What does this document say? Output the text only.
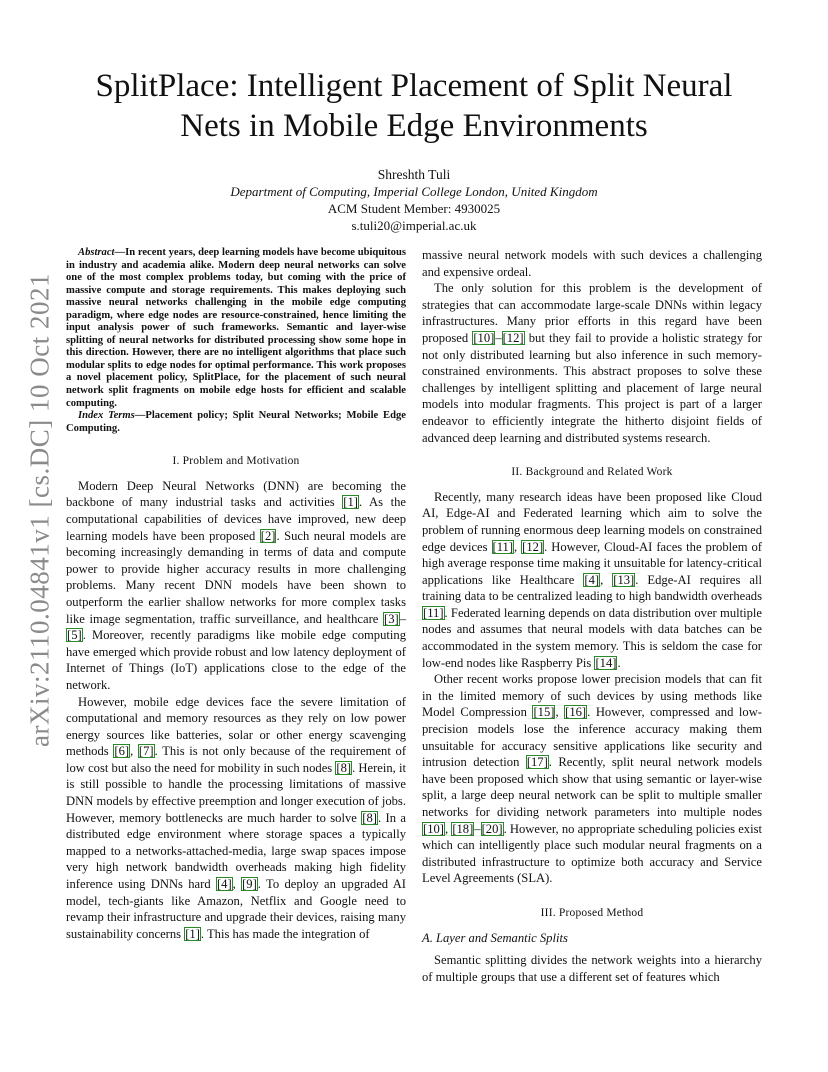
arXiv:2110.04841v1 [cs.DC] 10 Oct 2021
SplitPlace: Intelligent Placement of Split Neural Nets in Mobile Edge Environments
Shreshth Tuli
Department of Computing, Imperial College London, United Kingdom
ACM Student Member: 4930025
s.tuli20@imperial.ac.uk

Abstract—In recent years, deep learning models have become ubiquitous in industry and academia alike. Modern deep neural networks can solve one of the most complex problems today, but coming with the price of massive compute and storage requirements. This makes deploying such massive neural networks challenging in the mobile edge computing paradigm, where edge nodes are resource-constrained, hence limiting the input analysis power of such frameworks. Semantic and layer-wise splitting of neural networks for distributed processing show some hope in this direction. However, there are no intelligent algorithms that place such modular splits to edge nodes for optimal performance. This work proposes a novel placement policy, SplitPlace, for the placement of such neural network split fragments on mobile edge hosts for efficient and scalable computing.

Index Terms—Placement policy; Split Neural Networks; Mobile Edge Computing.

I. Problem and Motivation

Modern Deep Neural Networks (DNN) are becoming the backbone of many industrial tasks and activities [1]. As the computational capabilities of devices have improved, new deep learning models have been proposed [2]. Such neural models are becoming increasingly demanding in terms of data and compute power to provide higher accuracy results in more challenging problems. Many recent DNN models have been shown to outperform the earlier shallow networks for more complex tasks like image segmentation, traffic surveillance, and healthcare [3]–[5]. Moreover, recently paradigms like mobile edge computing have emerged which provide robust and low latency deployment of Internet of Things (IoT) applications close to the edge of the network.

However, mobile edge devices face the severe limitation of computational and memory resources as they rely on low power energy sources like batteries, solar or other energy scavenging methods [6], [7]. This is not only because of the requirement of low cost but also the need for mobility in such nodes [8]. Herein, it is still possible to handle the processing limitations of massive DNN models by effective preemption and longer execution of jobs. However, memory bottlenecks are much harder to solve [8]. In a distributed edge environment where storage spaces a typically mapped to a networks-attached-media, large swap spaces impose very high network bandwidth overheads making high fidelity inference using DNNs hard [4], [9]. To deploy an upgraded AI model, tech-giants like Amazon, Netflix and Google need to revamp their infrastructure and upgrade their devices, raising many sustainability concerns [1]. This has made the integration of

massive neural network models with such devices a challenging and expensive ordeal.

The only solution for this problem is the development of strategies that can accommodate large-scale DNNs within legacy infrastructures. Many prior efforts in this regard have been proposed [10]–[12] but they fail to provide a holistic strategy for not only distributed learning but also inference in such memory-constrained environments. This abstract proposes to solve these challenges by intelligent splitting and placement of large neural models into modular fragments. This project is part of a larger endeavor to efficiently integrate the hitherto disjoint fields of advanced deep learning and distributed systems research.

II. Background and Related Work

Recently, many research ideas have been proposed like Cloud AI, Edge-AI and Federated learning which aim to solve the problem of running enormous deep learning models on constrained edge devices [11], [12]. However, Cloud-AI faces the problem of high average response time making it unsuitable for latency-critical applications like Healthcare [4], [13]. Edge-AI requires all training data to be centralized leading to high bandwidth overheads [11]. Federated learning depends on data distribution over multiple nodes and assumes that neural models with data batches can be accommodated in the system memory. This is seldom the case for low-end nodes like Raspberry Pis [14].

Other recent works propose lower precision models that can fit in the limited memory of such devices by using methods like Model Compression [15], [16]. However, compressed and low-precision models lose the inference accuracy making them unsuitable for accuracy sensitive applications like security and intrusion detection [17]. Recently, split neural network models have been proposed which show that using semantic or layer-wise split, a large deep neural network can be split to multiple smaller networks for dividing network parameters into multiple nodes [10], [18]–[20]. However, no appropriate scheduling policies exist which can intelligently place such modular neural fragments on a distributed infrastructure to optimize both accuracy and Service Level Agreements (SLA).

III. Proposed Method
A. Layer and Semantic Splits

Semantic splitting divides the network weights into a hierarchy of multiple groups that use a different set of features which
